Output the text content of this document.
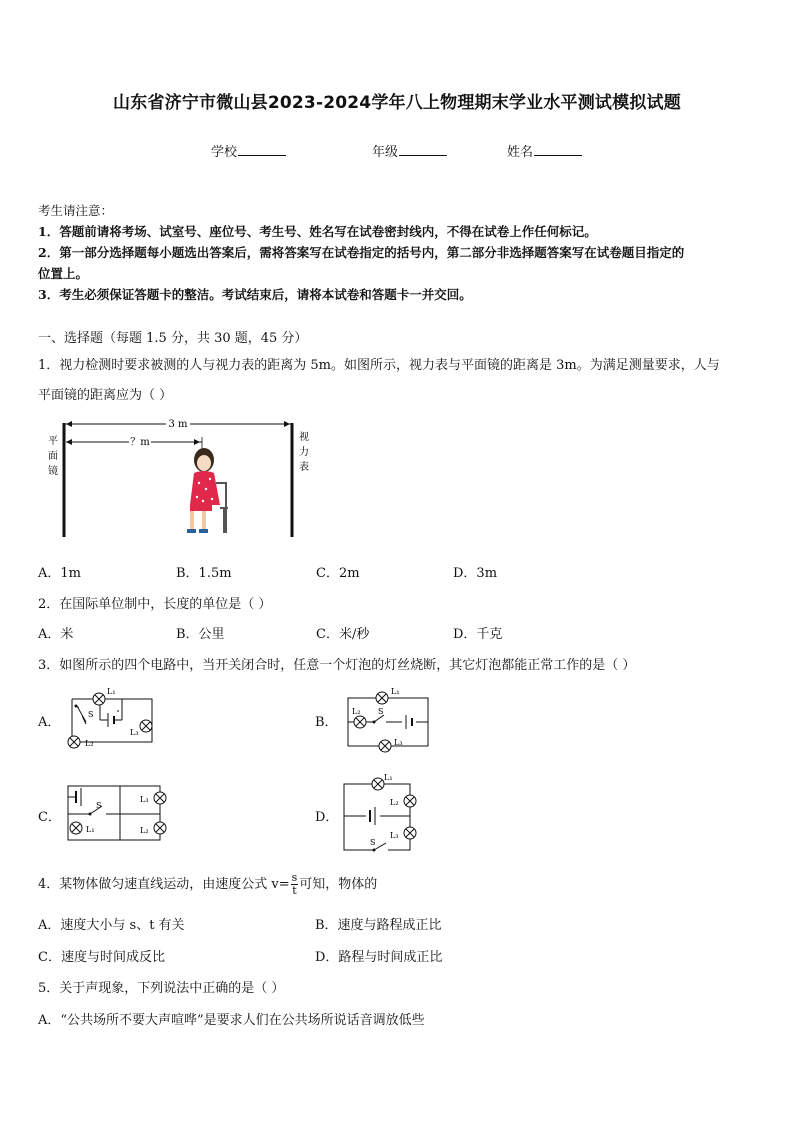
山东省济宁市微山县2023-2024学年八上物理期末学业水平测试模拟试题
学校	年级	姓名
考生请注意：
1．答题前请将考场、试室号、座位号、考生号、姓名写在试卷密封线内，不得在试卷上作任何标记。
2．第一部分选择题每小题选出答案后，需将答案写在试卷指定的括号内，第二部分非选择题答案写在试卷题目指定的
位置上。
3．考生必须保证答题卡的整洁。考试结束后，请将本试卷和答题卡一并交回。
一、选择题（每题 1.5 分，共 30 题，45 分）
1．视力检测时要求被测的人与视力表的距离为 5m。如图所示，视力表与平面镜的距离是 3m。为满足测量要求，人与
平面镜的距离应为（ ）
3 m
？m
平
面
镜
视
力
表
A．1m	B．1.5m	C．2m	D．3m
2．在国际单位制中，长度的单位是（ ）
A．米	B．公里	C．米/秒	D．千克
3．如图所示的四个电路中，当开关闭合时，任意一个灯泡的灯丝烧断，其它灯泡都能正常工作的是（ ）
A．
L₁
S
L₃
L₂
B．
L₁
L₂ S
L₃
C．
S
L₃
L₁	L₂
D．
L₁
L₂
L₃
S
4．某物体做匀速直线运动，由速度公式 $v= \frac{s}{t}$ 可知，物体的
A．速度大小与 s、t 有关	B．速度与路程成正比
C．速度与时间成反比	D．路程与时间成正比
5．关于声现象，下列说法中正确的是（ ）
A．“公共场所不要大声喧哗”是要求人们在公共场所说话音调放低些
